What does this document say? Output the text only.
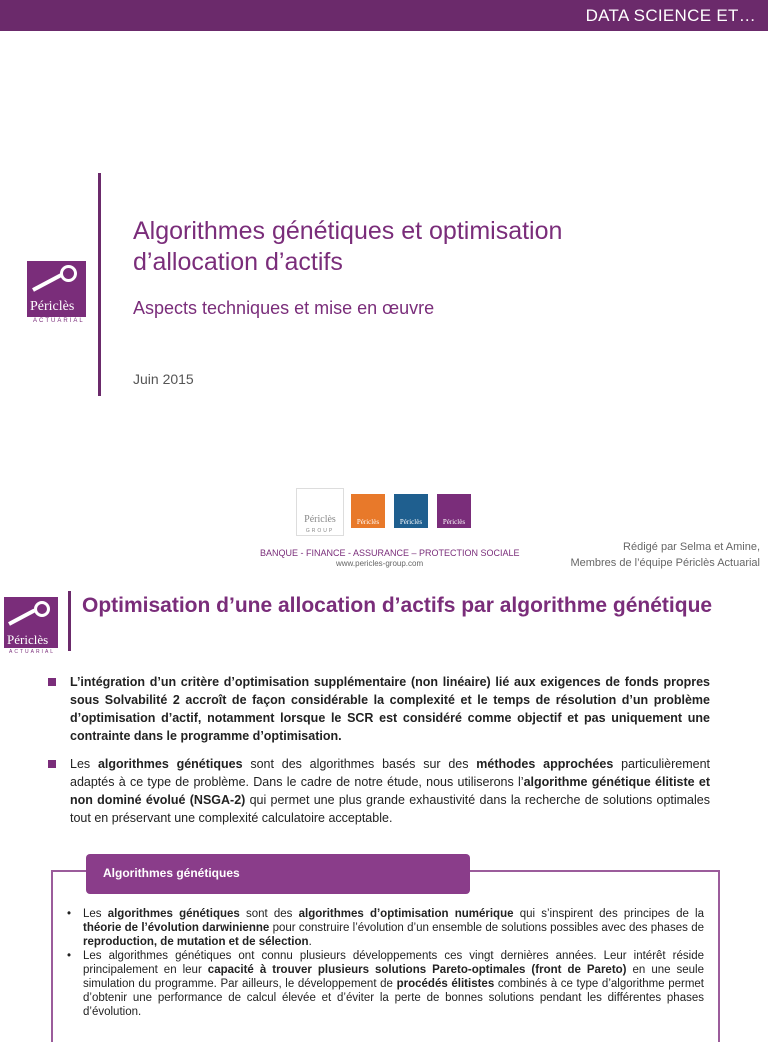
DATA SCIENCE ET…
Périclès
ACTUARIAL
Algorithmes génétiques et optimisation d’allocation d’actifs
Aspects techniques et mise en œuvre
Juin 2015
Périclès
GROUP
Périclès	Périclès	Périclès
BANQUE - FINANCE - ASSURANCE – PROTECTION SOCIALE
www.pericles-group.com
Rédigé par Selma et Amine,
Membres de l’équipe Périclès Actuarial
Périclès
ACTUARIAL
Optimisation d’une allocation d’actifs par algorithme génétique
L’intégration d’un critère d’optimisation supplémentaire (non linéaire) lié aux exigences de fonds propres sous Solvabilité 2 accroît de façon considérable la complexité et le temps de résolution d’un problème d’optimisation d’actif, notamment lorsque le SCR est considéré comme objectif et pas uniquement une contrainte dans le programme d’optimisation.
Les algorithmes génétiques sont des algorithmes basés sur des méthodes approchées particulièrement adaptés à ce type de problème. Dans le cadre de notre étude, nous utiliserons l’algorithme génétique élitiste et non dominé évolué (NSGA-2) qui permet une plus grande exhaustivité dans la recherche de solutions optimales tout en préservant une complexité calculatoire acceptable.
Algorithmes génétiques
• Les algorithmes génétiques sont des algorithmes d’optimisation numérique qui s’inspirent des principes de la théorie de l’évolution darwinienne pour construire l’évolution d’un ensemble de solutions possibles avec des phases de reproduction, de mutation et de sélection.
• Les algorithmes génétiques ont connu plusieurs développements ces vingt dernières années. Leur intérêt réside principalement en leur capacité à trouver plusieurs solutions Pareto-optimales (front de Pareto) en une seule simulation du programme. Par ailleurs, le développement de procédés élitistes combinés à ce type d’algorithme permet d’obtenir une performance de calcul élevée et d’éviter la perte de bonnes solutions pendant les différentes phases d’évolution.
